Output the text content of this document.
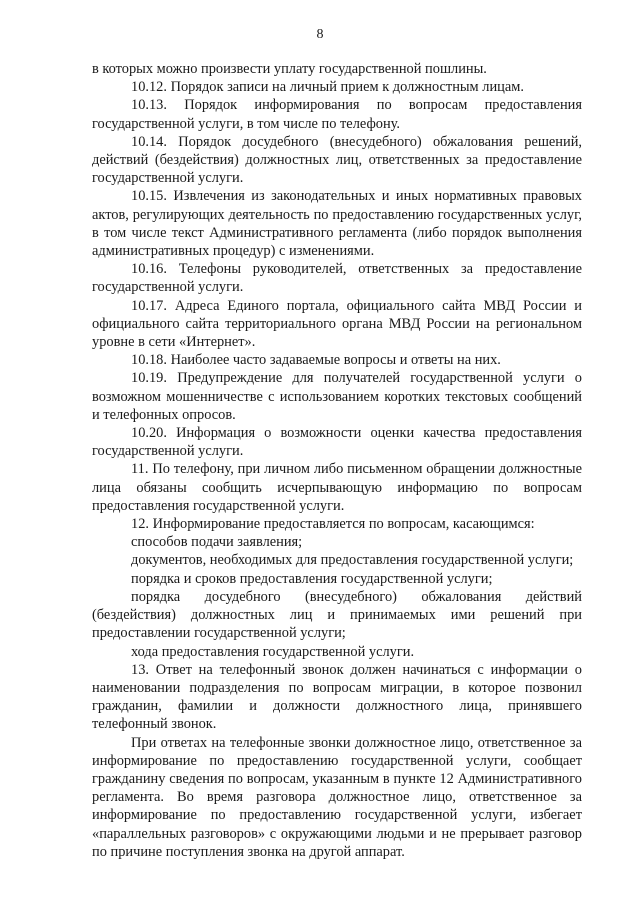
8

в которых можно произвести уплату государственной пошлины.

10.12. Порядок записи на личный прием к должностным лицам.

10.13. Порядок информирования по вопросам предоставления государственной услуги, в том числе по телефону.

10.14. Порядок досудебного (внесудебного) обжалования решений, действий (бездействия) должностных лиц, ответственных за предоставление государственной услуги.

10.15. Извлечения из законодательных и иных нормативных правовых актов, регулирующих деятельность по предоставлению государственных услуг, в том числе текст Административного регламента (либо порядок выполнения административных процедур) с изменениями.

10.16. Телефоны руководителей, ответственных за предоставление государственной услуги.

10.17. Адреса Единого портала, официального сайта МВД России и официального сайта территориального органа МВД России на региональном уровне в сети «Интернет».

10.18. Наиболее часто задаваемые вопросы и ответы на них.

10.19. Предупреждение для получателей государственной услуги о возможном мошенничестве с использованием коротких текстовых сообщений и телефонных опросов.

10.20. Информация о возможности оценки качества предоставления государственной услуги.

11. По телефону, при личном либо письменном обращении должностные лица обязаны сообщить исчерпывающую информацию по вопросам предоставления государственной услуги.

12. Информирование предоставляется по вопросам, касающимся:

способов подачи заявления;

документов, необходимых для предоставления государственной услуги;

порядка и сроков предоставления государственной услуги;

порядка досудебного (внесудебного) обжалования действий (бездействия) должностных лиц и принимаемых ими решений при предоставлении государственной услуги;

хода предоставления государственной услуги.

13. Ответ на телефонный звонок должен начинаться с информации о наименовании подразделения по вопросам миграции, в которое позвонил гражданин, фамилии и должности должностного лица, принявшего телефонный звонок.

При ответах на телефонные звонки должностное лицо, ответственное за информирование по предоставлению государственной услуги, сообщает гражданину сведения по вопросам, указанным в пункте 12 Административного регламента. Во время разговора должностное лицо, ответственное за информирование по предоставлению государственной услуги, избегает «параллельных разговоров» с окружающими людьми и не прерывает разговор по причине поступления звонка на другой аппарат.
